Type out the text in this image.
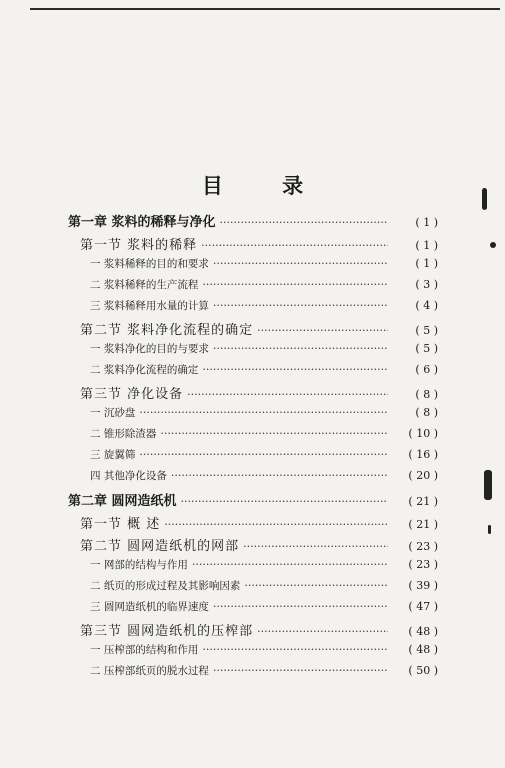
目 录
第一章 浆料的稀释与净化 ·····	( 1 )
第一节 浆料的稀释 ·····	( 1 )
一 浆料稀释的目的和要求 ·····	( 1 )
二 浆料稀释的生产流程 ·····	( 3 )
三 浆料稀释用水量的计算 ·····	( 4 )
第二节 浆料净化流程的确定 ·····	( 5 )
一 浆料净化的目的与要求 ·····	( 5 )
二 浆料净化流程的确定 ·····	( 6 )
第三节 净化设备 ·····	( 8 )
一 沉砂盘 ·····	( 8 )
二 锥形除渣器 ·····	( 10 )
三 旋翼筛 ·····	( 16 )
四 其他净化设备 ·····	( 20 )
第二章 圆网造纸机 ·····	( 21 )
第一节 概 述 ·····	( 21 )
第二节 圆网造纸机的网部 ·····	( 23 )
一 网部的结构与作用 ·····	( 23 )
二 纸页的形成过程及其影响因素 ·····	( 39 )
三 圆网造纸机的临界速度 ·····	( 47 )
第三节 圆网造纸机的压榨部 ·····	( 48 )
一 压榨部的结构和作用 ·····	( 48 )
二 压榨部纸页的脱水过程 ·····	( 50 )
